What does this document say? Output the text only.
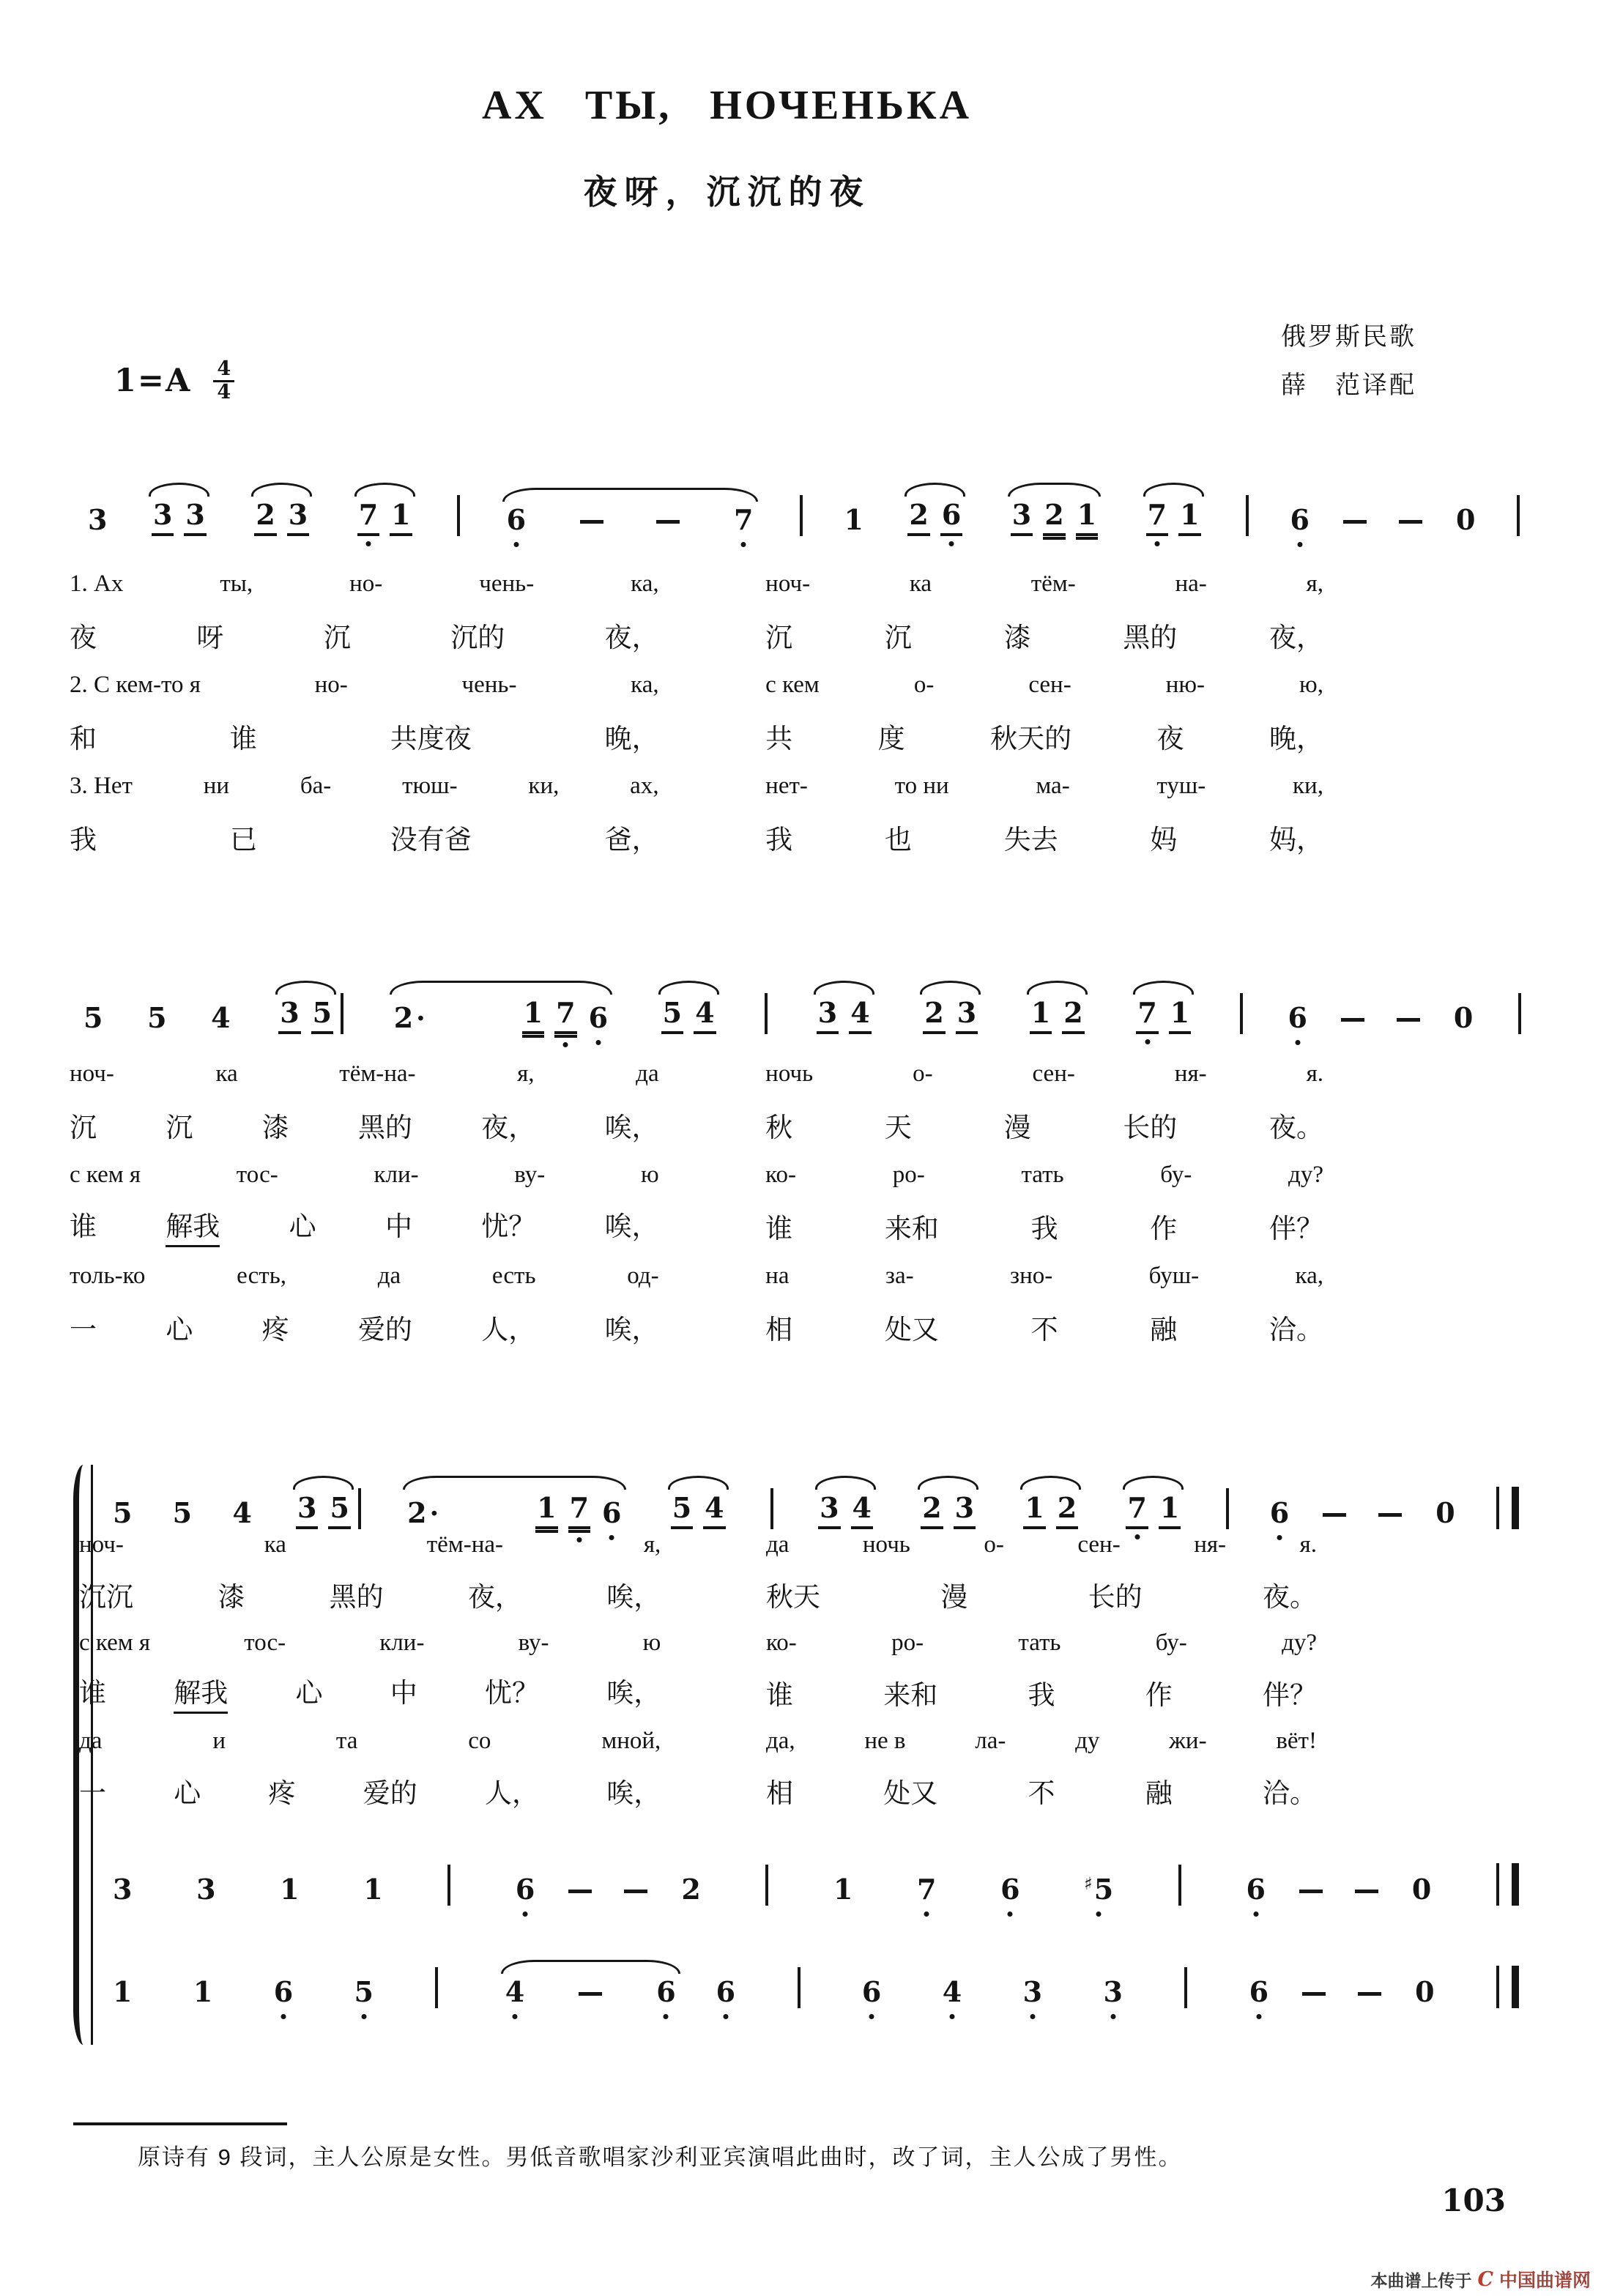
АХ ТЫ, НОЧЕНЬКА
夜呀，沉沉的夜
俄罗斯民歌
薛　范译配
$1=A \frac{4}{4}$
3 3 3 2 3 7 1	6	7	1 2 6 3 2 1 7 1	6	0
1. Ах	ты,	но-	чень-	ка,	ноч-	ка	тём-	на-	я,
夜	呀	沉	沉的	夜，	沉	沉	漆	黑的	夜，
2. С кем-то я	но-	чень-	ка,	с кем	о-	сен-	ню-	ю,
和	谁	共度夜	晚，	共	度	秋天的	夜	晚，
3. Нет	ни	ба-	тюш-	ки,	ах,	нет-	то ни	ма-	туш-	ки,
我	已	没有爸	爸，	我	也	失去	妈	妈，
5 5 4 3 5 2 ·	1 7 6 5 4	3 4 2 3 1 2 7 1	6	0
ноч-	ка	тём-на-	я,	да	ночь	о-	сен-	ня-	я.
沉	沉	漆	黑的	夜，	唉，	秋	天	漫	长的	夜。
с кем я	тос-	кли-	ву-	ю	ко-	ро-	тать	бу-	ду?
谁	解我	心	中	忧？	唉，	谁	来和	我	作	伴？
толь-ко	есть,	да	есть	од-	на	за-	зно-	буш-	ка,
一	心	疼	爱的	人，	唉，	相	处又	不	融	洽。
5 5 4 3 5 2 ·	1 7 6 5 4	3 4 2 3 1 2 7 1	6	0
ноч-	ка	тём-на-	я,	да	ночь	о-	сен-	ня-	я.
沉沉	漆	黑的	夜，	唉，	秋天	漫	长的	夜。
с кем я	тос-	кли-	ву-	ю	ко-	ро-	тать	бу-	ду?
谁 解我 心 中 忧？ 唉，	谁	来和	我	作	伴？
да	и	та	со	мной,	да,	не в	ла-	ду	жи-	вёт!
一 心 疼 爱的 人， 唉，	相	处又	不	融	洽。
3 3 1 1	6	2	1 7 6	♯5	6	0
1 1 6 5	4	6 6	6 4 3 3	6	0
原诗有 9 段词，主人公原是女性。男低音歌唱家沙利亚宾演唱此曲时，改了词，主人公成了男性。
103
本曲谱上传于 C 中国曲谱网
